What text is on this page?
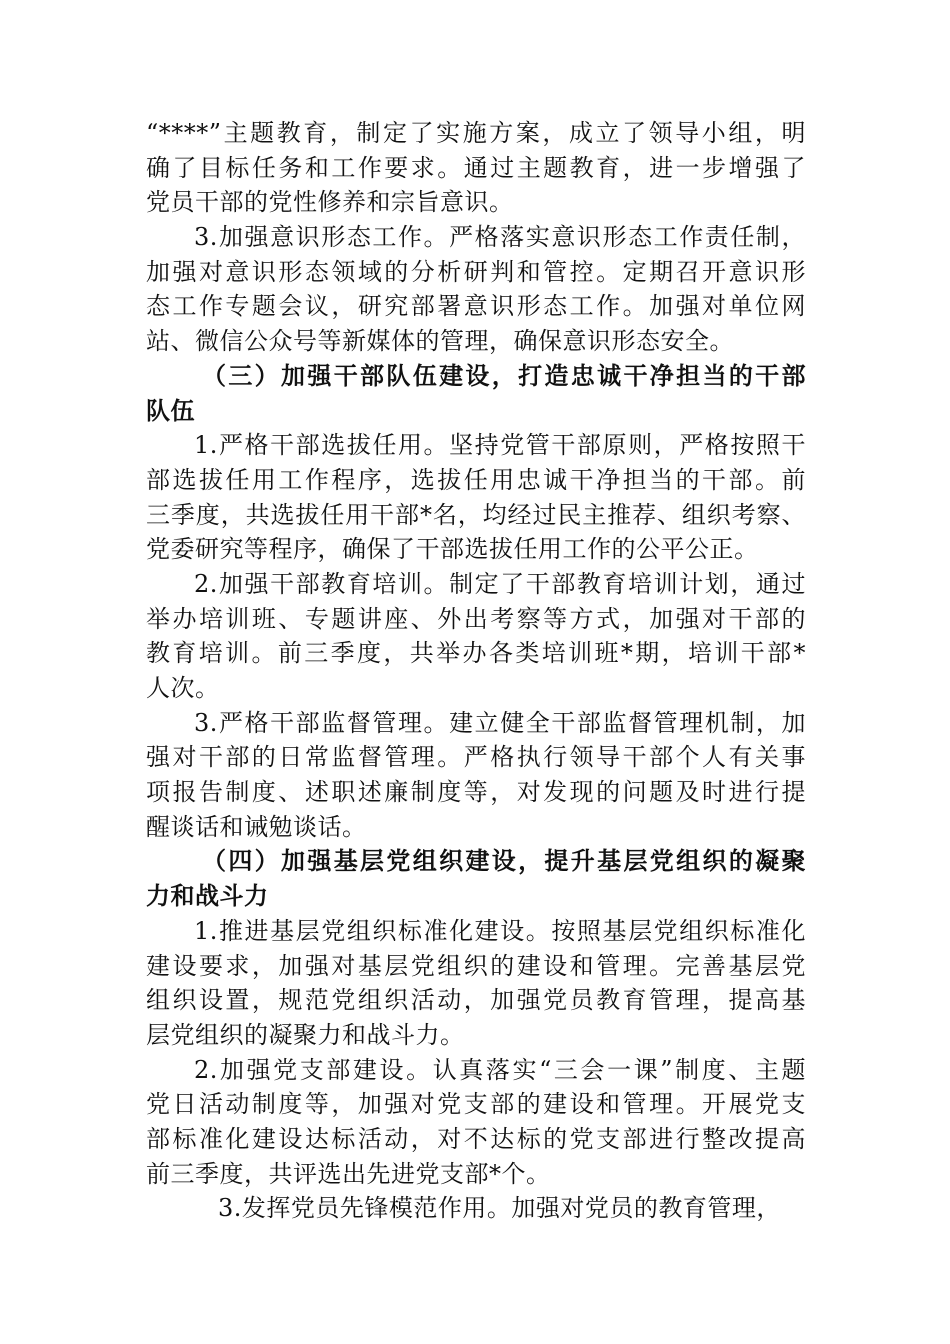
“****”主题教育，制定了实施方案，成立了领导小组，明
确了目标任务和工作要求。通过主题教育，进一步增强了
党员干部的党性修养和宗旨意识。
3.加强意识形态工作。严格落实意识形态工作责任制，
加强对意识形态领域的分析研判和管控。定期召开意识形
态工作专题会议，研究部署意识形态工作。加强对单位网
站、微信公众号等新媒体的管理，确保意识形态安全。
（三）加强干部队伍建设，打造忠诚干净担当的干部
队伍
1.严格干部选拔任用。坚持党管干部原则，严格按照干
部选拔任用工作程序，选拔任用忠诚干净担当的干部。前
三季度，共选拔任用干部*名，均经过民主推荐、组织考察、
党委研究等程序，确保了干部选拔任用工作的公平公正。
2.加强干部教育培训。制定了干部教育培训计划，通过
举办培训班、专题讲座、外出考察等方式，加强对干部的
教育培训。前三季度，共举办各类培训班*期，培训干部*
人次。
3.严格干部监督管理。建立健全干部监督管理机制，加
强对干部的日常监督管理。严格执行领导干部个人有关事
项报告制度、述职述廉制度等，对发现的问题及时进行提
醒谈话和诫勉谈话。
（四）加强基层党组织建设，提升基层党组织的凝聚
力和战斗力
1.推进基层党组织标准化建设。按照基层党组织标准化
建设要求，加强对基层党组织的建设和管理。完善基层党
组织设置，规范党组织活动，加强党员教育管理，提高基
层党组织的凝聚力和战斗力。
2.加强党支部建设。认真落实“三会一课”制度、主题
党日活动制度等，加强对党支部的建设和管理。开展党支
部标准化建设达标活动，对不达标的党支部进行整改提高
前三季度，共评选出先进党支部*个。
3.发挥党员先锋模范作用。加强对党员的教育管理，
